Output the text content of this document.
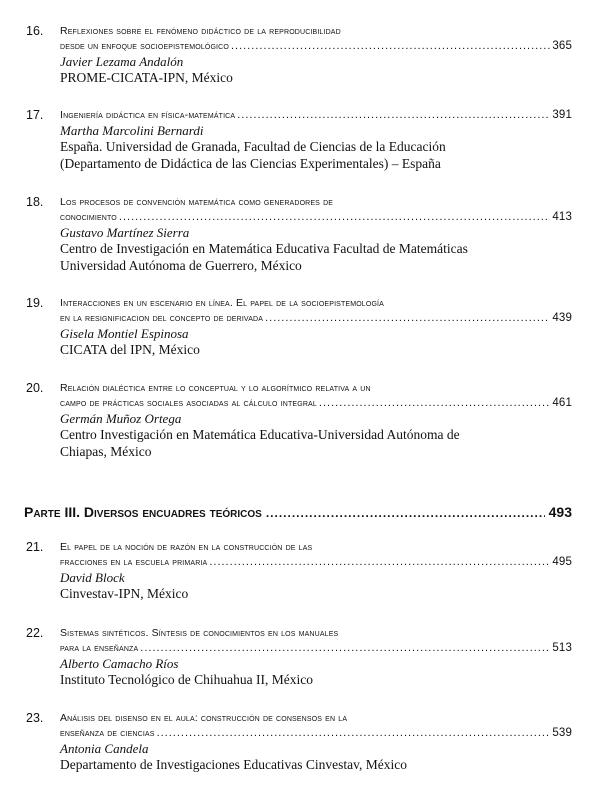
16.	Reflexiones sobre el fenómeno didáctico de la reproducibilidad
desde un enfoque socioepistemológico .....	365
Javier Lezama Andalón
PROME-CICATA-IPN, México
17.	Ingeniería didáctica en física-matemática .....	391
Martha Marcolini Bernardi
España. Universidad de Granada, Facultad de Ciencias de la Educación
(Departamento de Didáctica de las Ciencias Experimentales) – España
18.	Los procesos de convención matemática como generadores de
conocimiento .....	413
Gustavo Martínez Sierra
Centro de Investigación en Matemática Educativa Facultad de Matemáticas
Universidad Autónoma de Guerrero, México
19.	Interacciones en un escenario en línea. El papel de la socioepistemología
en la resignificacion del concepto de derivada .....	439
Gisela Montiel Espinosa
CICATA del IPN, México
20.	Relación dialéctica entre lo conceptual y lo algorítmico relativa a un
campo de prácticas sociales asociadas al cálculo integral .....	461
Germán Muñoz Ortega
Centro Investigación en Matemática Educativa-Universidad Autónoma de
Chiapas, México
Parte III. Diversos encuadres teóricos .....	493
21.	El papel de la noción de razón en la construcción de las
fracciones en la escuela primaria .....	495
David Block
Cinvestav-IPN, México
22.	Sistemas sintéticos. Síntesis de conocimientos en los manuales
para la enseñanza .....	513
Alberto Camacho Ríos
Instituto Tecnológico de Chihuahua II, México
23.	Análisis del disenso en el aula: construcción de consensos en la
enseñanza de ciencias .....	539
Antonia Candela
Departamento de Investigaciones Educativas Cinvestav, México
